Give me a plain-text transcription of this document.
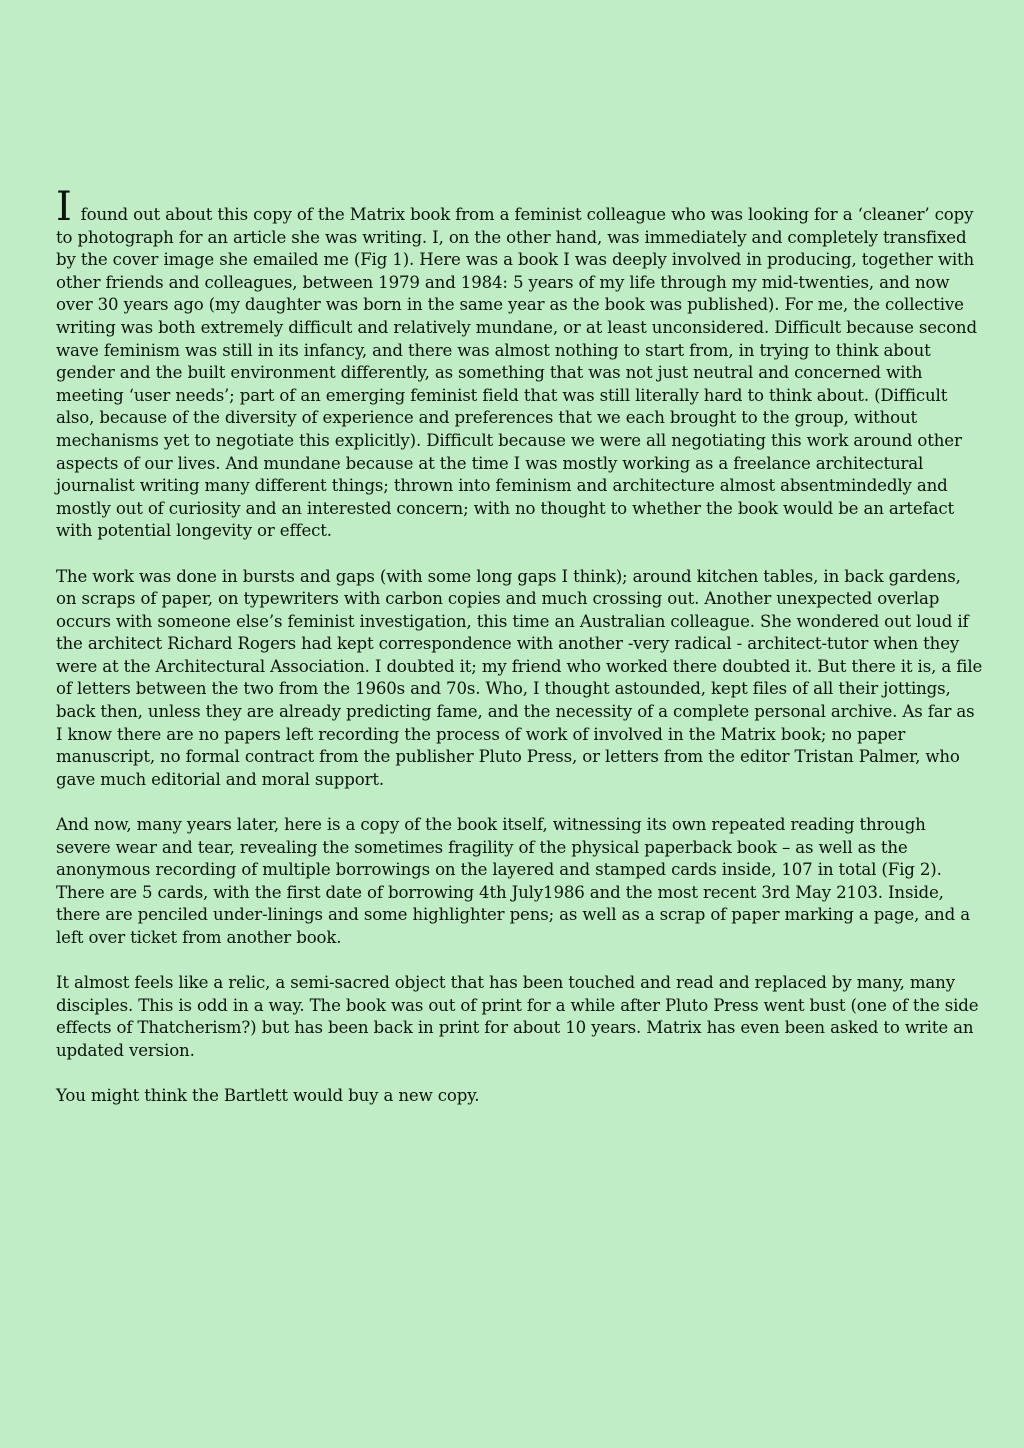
Ifound out about this copy of the Matrix book from a feminist colleague who was looking for a ‘cleaner’ copy to photograph for an article she was writing. I, on the other hand, was immediately and completely transfixed by the cover image she emailed me (Fig 1). Here was a book I was deeply involved in producing, together with other friends and colleagues, between 1979 and 1984: 5 years of my life through my mid-twenties, and now over 30 years ago (my daughter was born in the same year as the book was published). For me, the collective writing was both extremely difficult and relatively mundane, or at least unconsidered. Difficult because second wave feminism was still in its infancy, and there was almost nothing to start from, in trying to think about gender and the built environment differently, as something that was not just neutral and concerned with meeting ‘user needs’; part of an emerging feminist field that was still literally hard to think about. (Difficult also, because of the diversity of experience and preferences that we each brought to the group, without mechanisms yet to negotiate this explicitly). Difficult because we were all negotiating this work around other aspects of our lives. And mundane because at the time I was mostly working as a freelance architectural journalist writing many different things; thrown into feminism and architecture almost absentmindedly and mostly out of curiosity and an interested concern; with no thought to whether the book would be an artefact with potential longevity or effect.

The work was done in bursts and gaps (with some long gaps I think); around kitchen tables, in back gardens, on scraps of paper, on typewriters with carbon copies and much crossing out. Another unexpected overlap occurs with someone else’s feminist investigation, this time an Australian colleague. She wondered out loud if the architect Richard Rogers had kept correspondence with another -very radical - architect-tutor when they were at the Architectural Association. I doubted it; my friend who worked there doubted it. But there it is, a file of letters between the two from the 1960s and 70s. Who, I thought astounded, kept files of all their jottings, back then, unless they are already predicting fame, and the necessity of a complete personal archive. As far as I know there are no papers left recording the process of work of involved in the Matrix book; no paper manuscript, no formal contract from the publisher Pluto Press, or letters from the editor Tristan Palmer, who gave much editorial and moral support.

And now, many years later, here is a copy of the book itself, witnessing its own repeated reading through severe wear and tear, revealing the sometimes fragility of the physical paperback book – as well as the anonymous recording of multiple borrowings on the layered and stamped cards inside, 107 in total (Fig 2). There are 5 cards, with the first date of borrowing 4th July1986 and the most recent 3rd May 2103. Inside, there are penciled under-linings and some highlighter pens; as well as a scrap of paper marking a page, and a left over ticket from another book.

It almost feels like a relic, a semi-sacred object that has been touched and read and replaced by many, many disciples. This is odd in a way. The book was out of print for a while after Pluto Press went bust (one of the side effects of Thatcherism?) but has been back in print for about 10 years. Matrix has even been asked to write an updated version.

You might think the Bartlett would buy a new copy.
